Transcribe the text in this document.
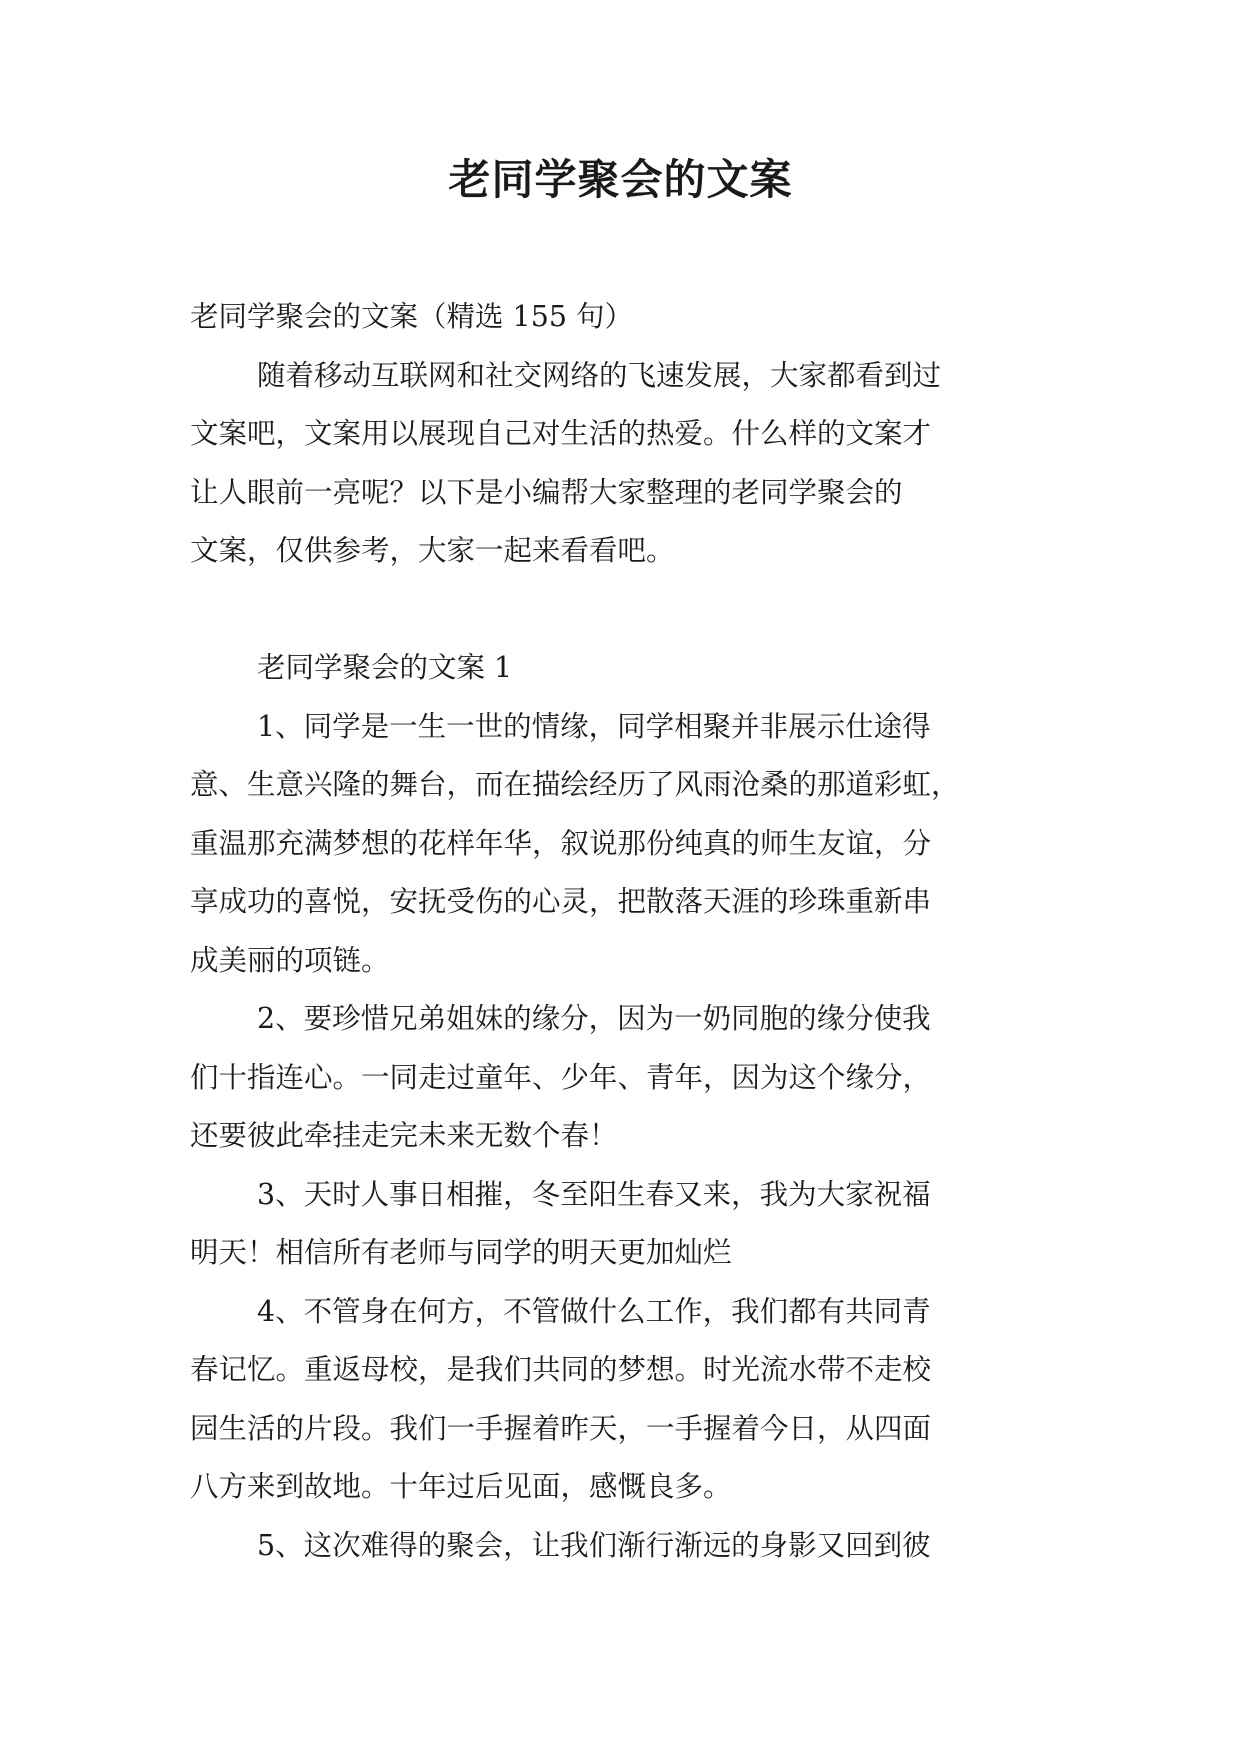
老同学聚会的文案

老同学聚会的文案（精选 155 句）

随着移动互联网和社交网络的飞速发展，大家都看到过

文案吧，文案用以展现自己对生活的热爱。什么样的文案才

让人眼前一亮呢？以下是小编帮大家整理的老同学聚会的

文案，仅供参考，大家一起来看看吧。

老同学聚会的文案 1

1、同学是一生一世的情缘，同学相聚并非展示仕途得

意、生意兴隆的舞台，而在描绘经历了风雨沧桑的那道彩虹，

重温那充满梦想的花样年华，叙说那份纯真的师生友谊，分

享成功的喜悦，安抚受伤的心灵，把散落天涯的珍珠重新串

成美丽的项链。

2、要珍惜兄弟姐妹的缘分，因为一奶同胞的缘分使我

们十指连心。一同走过童年、少年、青年，因为这个缘分，

还要彼此牵挂走完未来无数个春！

3、天时人事日相摧，冬至阳生春又来，我为大家祝福

明天！相信所有老师与同学的明天更加灿烂

4、不管身在何方，不管做什么工作，我们都有共同青

春记忆。重返母校，是我们共同的梦想。时光流水带不走校

园生活的片段。我们一手握着昨天，一手握着今日，从四面

八方来到故地。十年过后见面，感慨良多。

5、这次难得的聚会，让我们渐行渐远的身影又回到彼
